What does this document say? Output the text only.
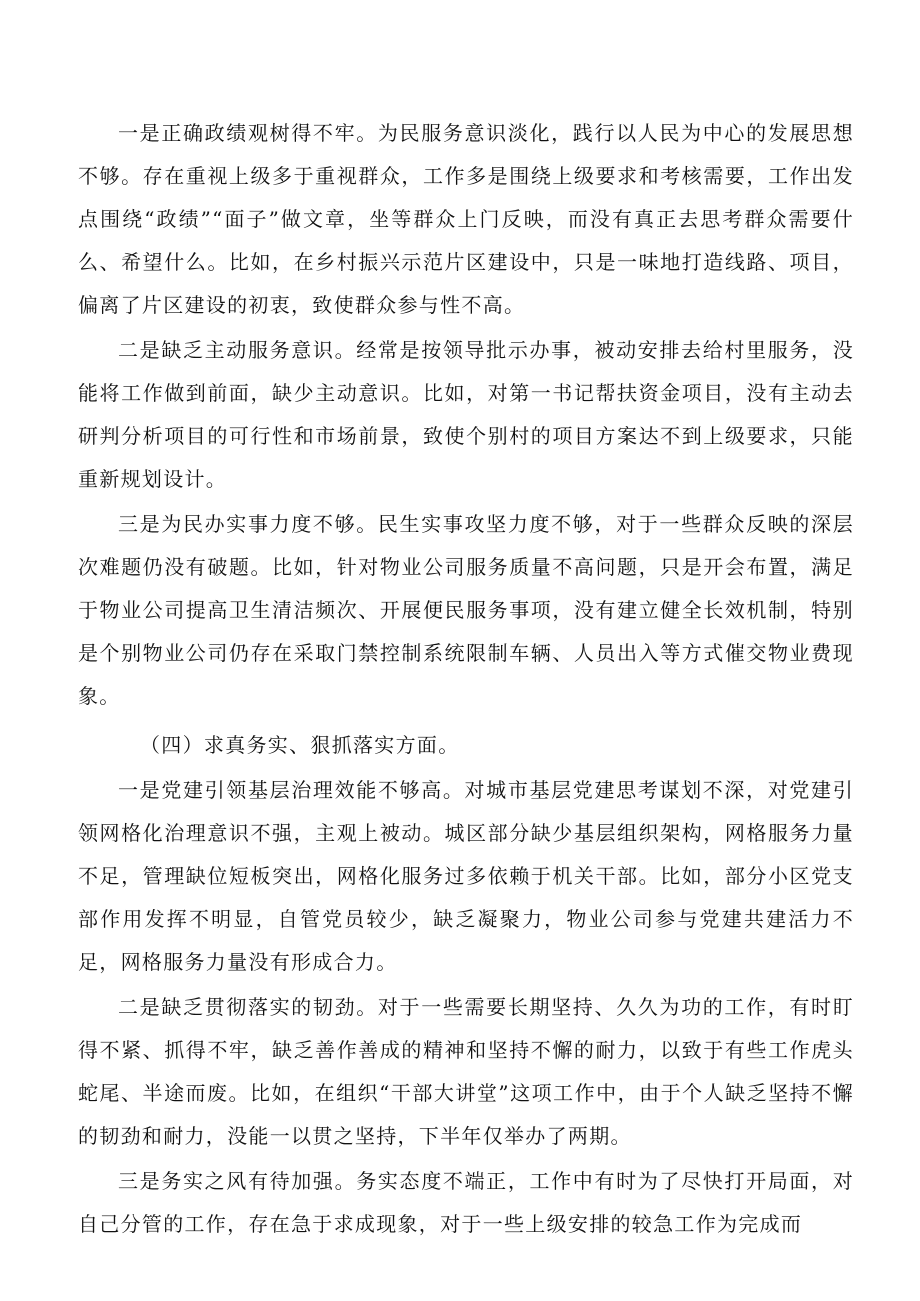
一是正确政绩观树得不牢。为民服务意识淡化，践行以人民为中心的发展思想不够。存在重视上级多于重视群众，工作多是围绕上级要求和考核需要，工作出发点围绕“政绩”“面子”做文章，坐等群众上门反映，而没有真正去思考群众需要什么、希望什么。比如，在乡村振兴示范片区建设中，只是一味地打造线路、项目，偏离了片区建设的初衷，致使群众参与性不高。

二是缺乏主动服务意识。经常是按领导批示办事，被动安排去给村里服务，没能将工作做到前面，缺少主动意识。比如，对第一书记帮扶资金项目，没有主动去研判分析项目的可行性和市场前景，致使个别村的项目方案达不到上级要求，只能重新规划设计。

三是为民办实事力度不够。民生实事攻坚力度不够，对于一些群众反映的深层次难题仍没有破题。比如，针对物业公司服务质量不高问题，只是开会布置，满足于物业公司提高卫生清洁频次、开展便民服务事项，没有建立健全长效机制，特别是个别物业公司仍存在采取门禁控制系统限制车辆、人员出入等方式催交物业费现象。

（四）求真务实、狠抓落实方面。

一是党建引领基层治理效能不够高。对城市基层党建思考谋划不深，对党建引领网格化治理意识不强，主观上被动。城区部分缺少基层组织架构，网格服务力量不足，管理缺位短板突出，网格化服务过多依赖于机关干部。比如，部分小区党支部作用发挥不明显，自管党员较少，缺乏凝聚力，物业公司参与党建共建活力不足，网格服务力量没有形成合力。

二是缺乏贯彻落实的韧劲。对于一些需要长期坚持、久久为功的工作，有时盯得不紧、抓得不牢，缺乏善作善成的精神和坚持不懈的耐力，以致于有些工作虎头蛇尾、半途而废。比如，在组织“干部大讲堂”这项工作中，由于个人缺乏坚持不懈的韧劲和耐力，没能一以贯之坚持，下半年仅举办了两期。

三是务实之风有待加强。务实态度不端正，工作中有时为了尽快打开局面，对自己分管的工作，存在急于求成现象，对于一些上级安排的较急工作为完成而
